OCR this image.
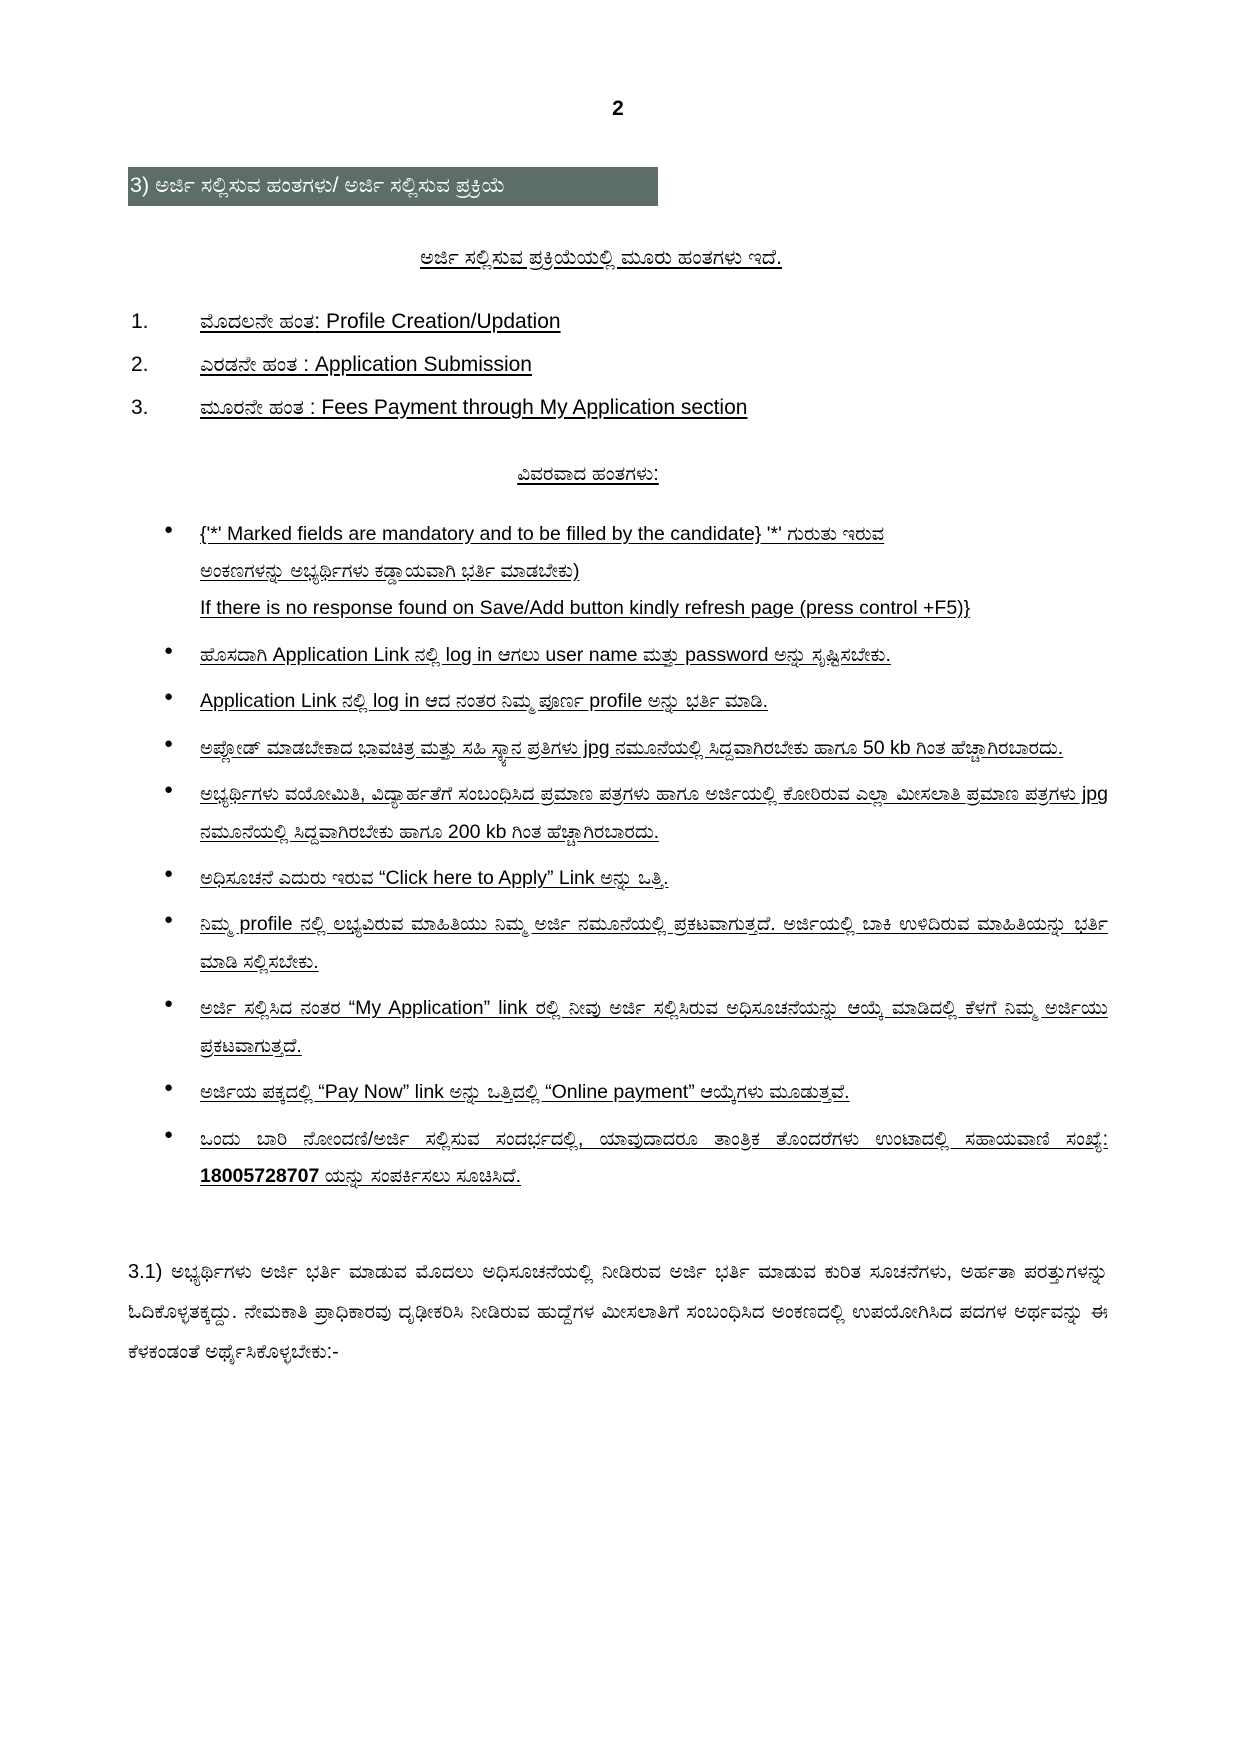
2
3) ಅರ್ಜಿ ಸಲ್ಲಿಸುವ ಹಂತಗಳು/ ಅರ್ಜಿ ಸಲ್ಲಿಸುವ ಪ್ರಕ್ರಿಯೆ
ಅರ್ಜಿ ಸಲ್ಲಿಸುವ ಪ್ರಕ್ರಿಯೆಯಲ್ಲಿ ಮೂರು ಹಂತಗಳು ಇದೆ.
1. ಮೊದಲನೇ ಹಂತ: Profile Creation/Updation
2. ಎರಡನೇ ಹಂತ : Application Submission
3. ಮೂರನೇ ಹಂತ : Fees Payment through My Application section
ವಿವರವಾದ ಹಂತಗಳು:
● {'*' Marked fields are mandatory and to be filled by the candidate} '*' ಗುರುತು ಇರುವ
ಅಂಕಣಗಳನ್ನು ಅಭ್ಯರ್ಥಿಗಳು ಕಡ್ಡಾಯವಾಗಿ ಭರ್ತಿ ಮಾಡಬೇಕು)
If there is no response found on Save/Add button kindly refresh page (press control +F5)}
● ಹೊಸದಾಗಿ Application Link ನಲ್ಲಿ log in ಆಗಲು user name ಮತ್ತು password ಅನ್ನು ಸೃಷ್ಟಿಸಬೇಕು.
● Application Link ನಲ್ಲಿ log in ಆದ ನಂತರ ನಿಮ್ಮ ಪೂರ್ಣ profile ಅನ್ನು ಭರ್ತಿ ಮಾಡಿ.
● ಅಪ್ಲೋಡ್ ಮಾಡಬೇಕಾದ ಭಾವಚಿತ್ರ ಮತ್ತು ಸಹಿ ಸ್ಕ್ಯಾನ ಪ್ರತಿಗಳು jpg ನಮೂನೆಯಲ್ಲಿ ಸಿದ್ದವಾಗಿರಬೇಕು ಹಾಗೂ 50 kb ಗಿಂತ ಹೆಚ್ಚಾಗಿರಬಾರದು.
● ಅಭ್ಯರ್ಥಿಗಳು ವಯೋಮಿತಿ, ವಿದ್ಯಾರ್ಹತೆಗೆ ಸಂಬಂಧಿಸಿದ ಪ್ರಮಾಣ ಪತ್ರಗಳು ಹಾಗೂ ಅರ್ಜಿಯಲ್ಲಿ ಕೋರಿರುವ ಎಲ್ಲಾ ಮೀಸಲಾತಿ ಪ್ರಮಾಣ ಪತ್ರಗಳು jpg ನಮೂನೆಯಲ್ಲಿ ಸಿದ್ದವಾಗಿರಬೇಕು ಹಾಗೂ 200 kb ಗಿಂತ ಹೆಚ್ಚಾಗಿರಬಾರದು.
● ಅಧಿಸೂಚನೆ ಎದುರು ಇರುವ “Click here to Apply” Link ಅನ್ನು ಒತ್ತಿ.
● ನಿಮ್ಮ profile ನಲ್ಲಿ ಲಭ್ಯವಿರುವ ಮಾಹಿತಿಯು ನಿಮ್ಮ ಅರ್ಜಿ ನಮೂನೆಯಲ್ಲಿ ಪ್ರಕಟವಾಗುತ್ತದೆ. ಅರ್ಜಿಯಲ್ಲಿ ಬಾಕಿ ಉಳಿದಿರುವ ಮಾಹಿತಿಯನ್ನು ಭರ್ತಿ ಮಾಡಿ ಸಲ್ಲಿಸಬೇಕು.
● ಅರ್ಜಿ ಸಲ್ಲಿಸಿದ ನಂತರ “My Application” link ರಲ್ಲಿ ನೀವು ಅರ್ಜಿ ಸಲ್ಲಿಸಿರುವ ಅಧಿಸೂಚನೆಯನ್ನು ಆಯ್ಕೆ ಮಾಡಿದಲ್ಲಿ ಕೆಳಗೆ ನಿಮ್ಮ ಅರ್ಜಿಯು ಪ್ರಕಟವಾಗುತ್ತದೆ.
● ಅರ್ಜಿಯ ಪಕ್ಕದಲ್ಲಿ “Pay Now” link ಅನ್ನು ಒತ್ತಿದಲ್ಲಿ “Online payment” ಆಯ್ಕೆಗಳು ಮೂಡುತ್ತವೆ.
● ಒಂದು ಬಾರಿ ನೋಂದಣಿ/ಅರ್ಜಿ ಸಲ್ಲಿಸುವ ಸಂದರ್ಭದಲ್ಲಿ, ಯಾವುದಾದರೂ ತಾಂತ್ರಿಕ ತೊಂದರೆಗಳು ಉಂಟಾದಲ್ಲಿ ಸಹಾಯವಾಣಿ ಸಂಖ್ಯೆ: 18005728707 ಯನ್ನು ಸಂಪರ್ಕಿಸಲು ಸೂಚಿಸಿದೆ.
3.1) ಅಭ್ಯರ್ಥಿಗಳು ಅರ್ಜಿ ಭರ್ತಿ ಮಾಡುವ ಮೊದಲು ಅಧಿಸೂಚನೆಯಲ್ಲಿ ನೀಡಿರುವ ಅರ್ಜಿ ಭರ್ತಿ ಮಾಡುವ ಕುರಿತ ಸೂಚನೆಗಳು, ಅರ್ಹತಾ ಪರತ್ತುಗಳನ್ನು ಓದಿಕೊಳ್ಳತಕ್ಕದ್ದು. ನೇಮಕಾತಿ ಪ್ರಾಧಿಕಾರವು ದೃಢೀಕರಿಸಿ ನೀಡಿರುವ ಹುದ್ದೆಗಳ ಮೀಸಲಾತಿಗೆ ಸಂಬಂಧಿಸಿದ ಅಂಕಣದಲ್ಲಿ ಉಪಯೋಗಿಸಿದ ಪದಗಳ ಅರ್ಥವನ್ನು ಈ ಕೆಳಕಂಡಂತೆ ಅರ್ಥೈಸಿಕೊಳ್ಳಬೇಕು:-
